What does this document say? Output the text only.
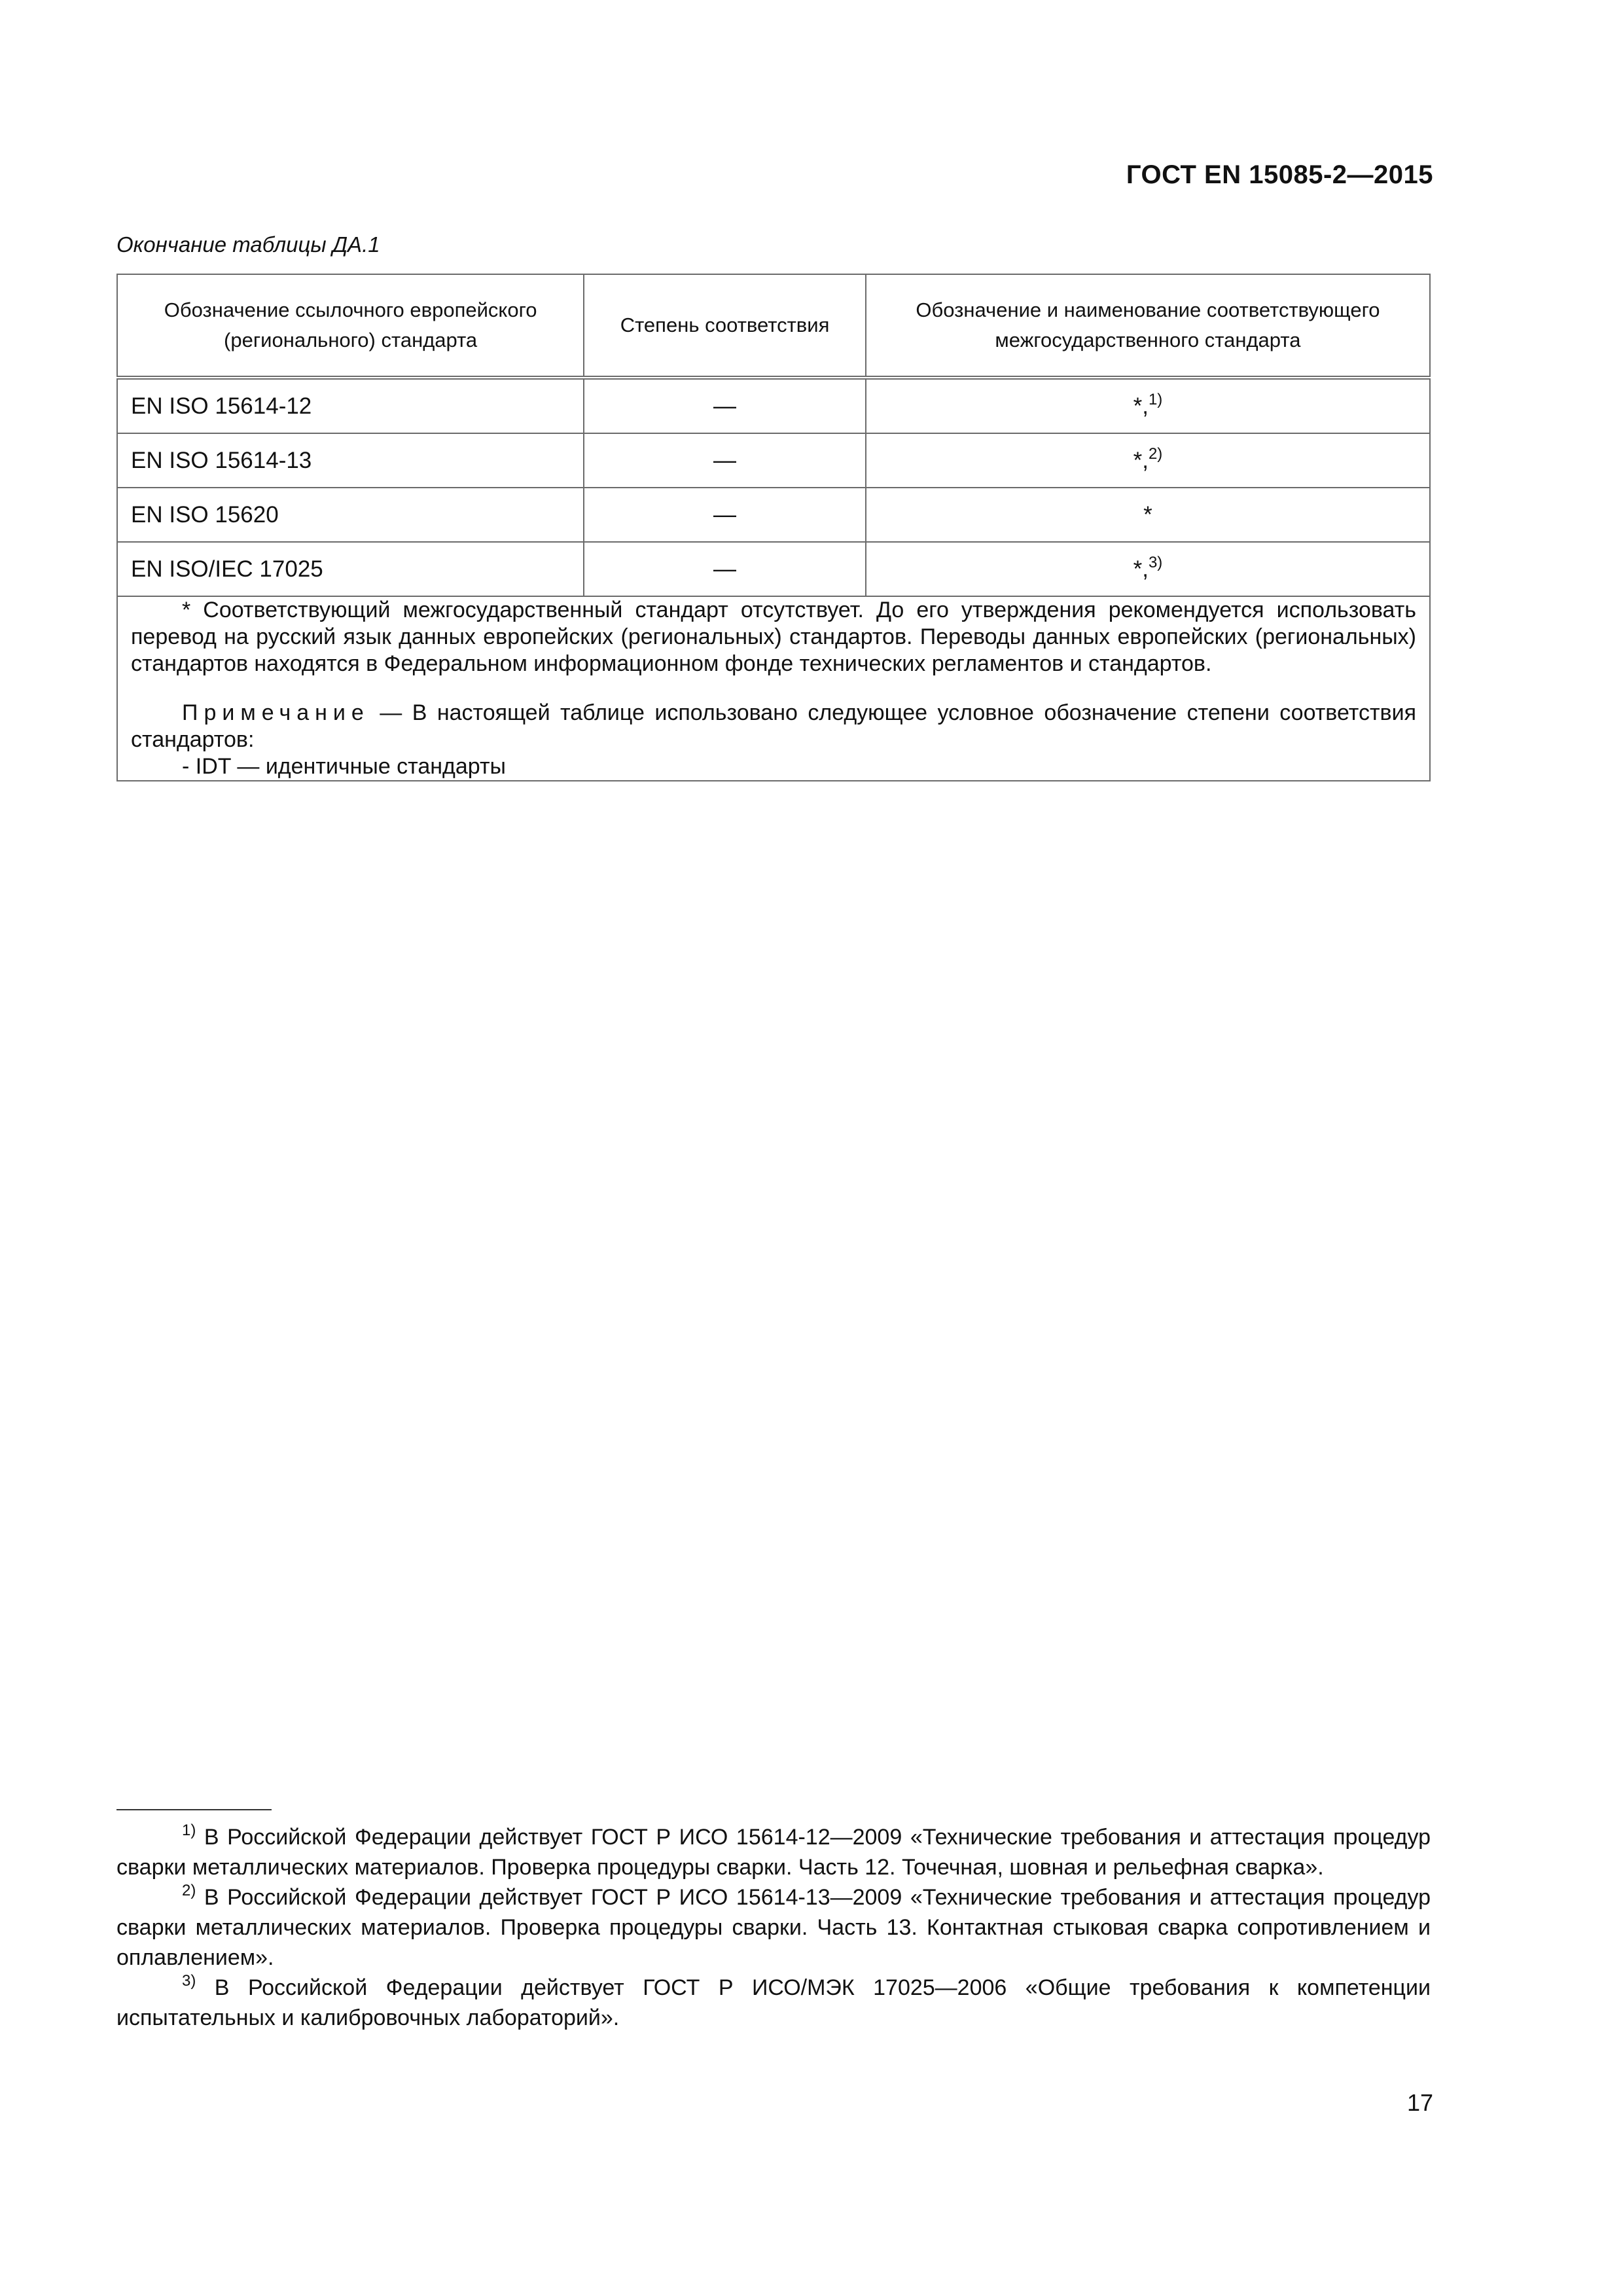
ГОСТ EN 15085-2—2015
Окончание таблицы ДА.1
Обозначение ссылочного европейского (регионального) стандарта	Степень соответствия	Обозначение и наименование соответствующего межгосударственного стандарта
EN ISO 15614-12	—	*,$^{1)}$
EN ISO 15614-13	—	*,$^{2)}$
EN ISO 15620	—	*
EN ISO/IEC 17025	—	*,$^{3)}$

* Соответствующий межгосударственный стандарт отсутствует. До его утверждения рекомендуется использовать перевод на русский язык данных европейских (региональных) стандартов. Переводы данных европейских (региональных) стандартов находятся в Федеральном информационном фонде технических регламентов и стандартов.

Примечание — В настоящей таблице использовано следующее условное обозначение степени соответствия стандартов:

- IDT — идентичные стандарты		

$^{1)}$ В Российской Федерации действует ГОСТ Р ИСО 15614-12—2009 «Технические требования и аттестация процедур сварки металлических материалов. Проверка процедуры сварки. Часть 12. Точечная, шовная и рельефная сварка».

$^{2)}$ В Российской Федерации действует ГОСТ Р ИСО 15614-13—2009 «Технические требования и аттестация процедур сварки металлических материалов. Проверка процедуры сварки. Часть 13. Контактная стыковая сварка сопротивлением и оплавлением».

$^{3)}$ В Российской Федерации действует ГОСТ Р ИСО/МЭК 17025—2006 «Общие требования к компетенции испытательных и калибровочных лабораторий».

17
